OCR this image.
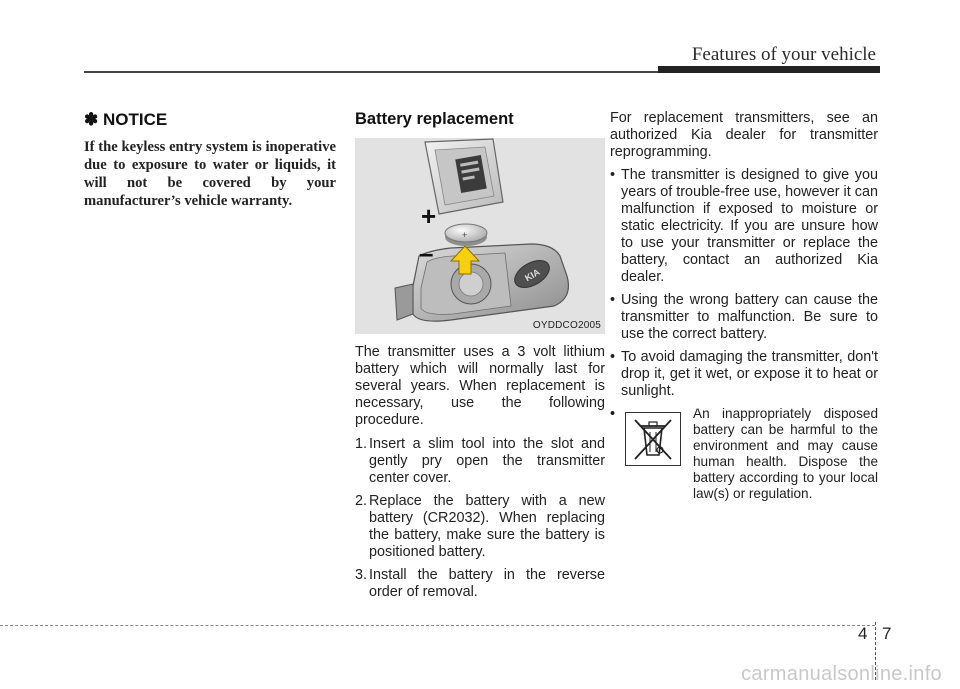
Features of your vehicle

✽ NOTICE

If the keyless entry system is inoperative due to exposure to water or liquids, it will not be covered by your manufacturer’s vehicle warranty.

Battery replacement

+
–
+
KIA
OYDDCO2005

The transmitter uses a 3 volt lithium battery which will normally last for several years. When replacement is necessary, use the following procedure.

1. Insert a slim tool into the slot and gently pry open the transmitter center cover.
2. Replace the battery with a new battery (CR2032). When replacing the battery, make sure the battery is positioned battery.
3. Install the battery in the reverse order of removal.

For replacement transmitters, see an authorized Kia dealer for transmitter reprogramming.

• The transmitter is designed to give you years of trouble-free use, however it can malfunction if exposed to moisture or static electricity. If you are unsure how to use your transmitter or replace the battery, contact an authorized Kia dealer.
• Using the wrong battery can cause the transmitter to malfunction. Be sure to use the correct battery.
• To avoid damaging the transmitter, don't drop it, get it wet, or expose it to heat or sunlight.
•	An inappropriately disposed battery can be harmful to the environment and may cause human health. Dispose the battery according to your local law(s) or regulation.
4 7
carmanualsonline.info
